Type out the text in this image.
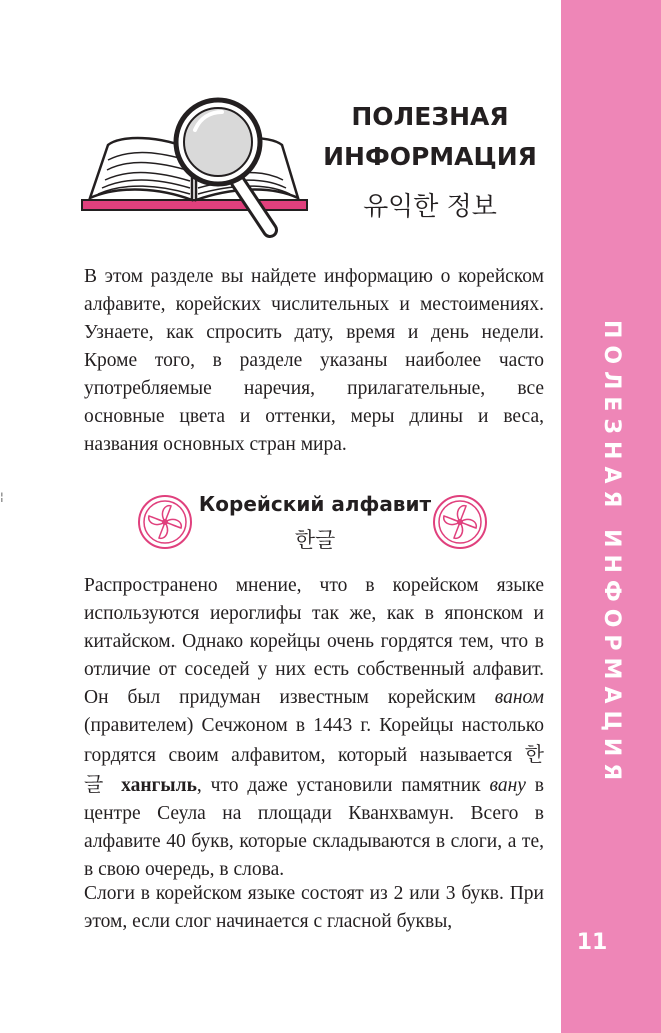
ПОЛЕЗНАЯ ИНФОРМАЦИЯ
11
¦
ПОЛЕЗНАЯ
ИНФОРМАЦИЯ
유익한 정보

В этом разделе вы найдете информацию о корейском алфавите, корейских числительных и местоимениях. Узнаете, как спросить дату, время и день недели. Кроме того, в разделе указаны наиболее часто употребляемые наречия, прилагательные, все основные цвета и оттенки, меры длины и веса, названия основных стран мира.

Корейский алфавит
한글

Распространено мнение, что в корейском языке используются иероглифы так же, как в японском и китайском. Однако корейцы очень гордятся тем, что в отличие от соседей у них есть собственный алфавит. Он был придуман известным корейским ваном (правителем) Сечжоном в 1443 г. Корейцы настолько гордятся своим алфавитом, который называется 한글 хангыль, что даже установили памятник вану в центре Сеула на площади Кванхвамун. Всего в алфавите 40 букв, которые складываются в слоги, а те, в свою очередь, в слова.

Слоги в корейском языке состоят из 2 или 3 букв. При этом, если слог начинается с гласной буквы,
